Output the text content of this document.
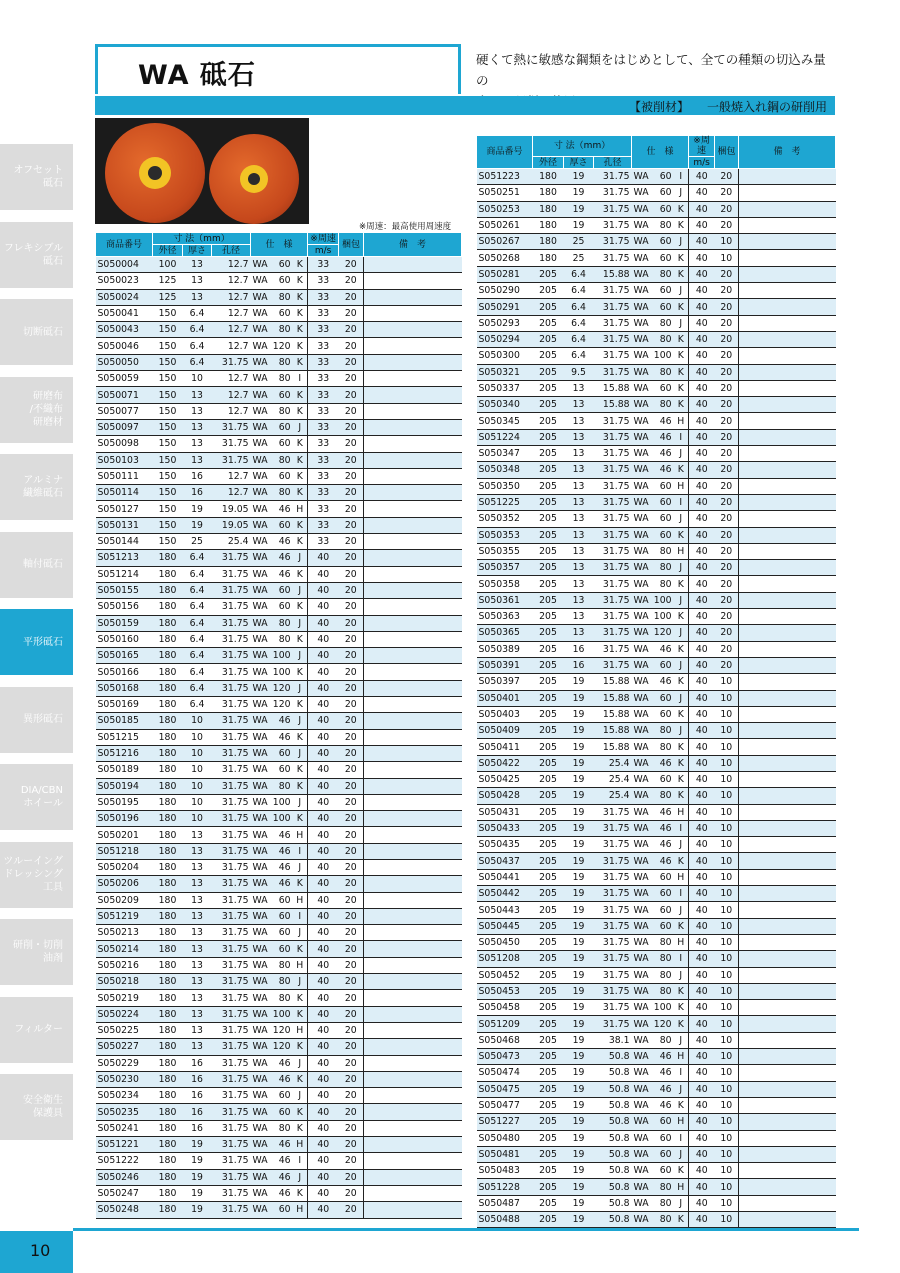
オフセット
砥石
フレキシブル
砥石
切断砥石
研磨布
/不織布
研磨材
アルミナ
繊維砥石
軸付砥石
平形砥石
異形砥石
DIA/CBN
ホイール
ツルーイング
ドレッシング
工具
研削・切削
油剤
フィルター
安全衛生
保護具
WA 砥石
硬くて熱に敏感な鋼類をはじめとして、全ての種類の切込み量の
【被削材】　　 一般焼入れ鋼の研削用
※周速：最高使用周速度
商品番号	寸 法（mm）			仕　様			※周速	梱包	備　考
	外径	厚さ	孔径				m/s		
S050004	100	13	12.7	WA	60	K	33	20	
S050023	125	13	12.7	WA	60	K	33	20	
S050024	125	13	12.7	WA	80	K	33	20	
S050041	150	6.4	12.7	WA	60	K	33	20	
S050043	150	6.4	12.7	WA	80	K	33	20	
S050046	150	6.4	12.7	WA	120	K	33	20	
S050050	150	6.4	31.75	WA	80	K	33	20	
S050059	150	10	12.7	WA	80	I	33	20	
S050071	150	13	12.7	WA	60	K	33	20	
S050077	150	13	12.7	WA	80	K	33	20	
S050097	150	13	31.75	WA	60	J	33	20	
S050098	150	13	31.75	WA	60	K	33	20	
S050103	150	13	31.75	WA	80	K	33	20	
S050111	150	16	12.7	WA	60	K	33	20	
S050114	150	16	12.7	WA	80	K	33	20	
S050127	150	19	19.05	WA	46	H	33	20	
S050131	150	19	19.05	WA	60	K	33	20	
S050144	150	25	25.4	WA	46	K	33	20	
S051213	180	6.4	31.75	WA	46	J	40	20	
S051214	180	6.4	31.75	WA	46	K	40	20	
S050155	180	6.4	31.75	WA	60	J	40	20	
S050156	180	6.4	31.75	WA	60	K	40	20	
S050159	180	6.4	31.75	WA	80	J	40	20	
S050160	180	6.4	31.75	WA	80	K	40	20	
S050165	180	6.4	31.75	WA	100	J	40	20	
S050166	180	6.4	31.75	WA	100	K	40	20	
S050168	180	6.4	31.75	WA	120	J	40	20	
S050169	180	6.4	31.75	WA	120	K	40	20	
S050185	180	10	31.75	WA	46	J	40	20	
S051215	180	10	31.75	WA	46	K	40	20	
S051216	180	10	31.75	WA	60	J	40	20	
S050189	180	10	31.75	WA	60	K	40	20	
S050194	180	10	31.75	WA	80	K	40	20	
S050195	180	10	31.75	WA	100	J	40	20	
S050196	180	10	31.75	WA	100	K	40	20	
S050201	180	13	31.75	WA	46	H	40	20	
S051218	180	13	31.75	WA	46	I	40	20	
S050204	180	13	31.75	WA	46	J	40	20	
S050206	180	13	31.75	WA	46	K	40	20	
S050209	180	13	31.75	WA	60	H	40	20	
S051219	180	13	31.75	WA	60	I	40	20	
S050213	180	13	31.75	WA	60	J	40	20	
S050214	180	13	31.75	WA	60	K	40	20	
S050216	180	13	31.75	WA	80	H	40	20	
S050218	180	13	31.75	WA	80	J	40	20	
S050219	180	13	31.75	WA	80	K	40	20	
S050224	180	13	31.75	WA	100	K	40	20	
S050225	180	13	31.75	WA	120	H	40	20	
S050227	180	13	31.75	WA	120	K	40	20	
S050229	180	16	31.75	WA	46	J	40	20	
S050230	180	16	31.75	WA	46	K	40	20	
S050234	180	16	31.75	WA	60	J	40	20	
S050235	180	16	31.75	WA	60	K	40	20	
S050241	180	16	31.75	WA	80	K	40	20	
S051221	180	19	31.75	WA	46	H	40	20	
S051222	180	19	31.75	WA	46	I	40	20	
S050246	180	19	31.75	WA	46	J	40	20	
S050247	180	19	31.75	WA	46	K	40	20	
S050248	180	19	31.75	WA	60	H	40	20	
商品番号	寸 法（mm）			仕　様			※周速	梱包	備　考
	外径	厚さ	孔径				m/s		
S051223	180	19	31.75	WA	60	I	40	20	
S050251	180	19	31.75	WA	60	J	40	20	
S050253	180	19	31.75	WA	60	K	40	20	
S050261	180	19	31.75	WA	80	K	40	20	
S050267	180	25	31.75	WA	60	J	40	10	
S050268	180	25	31.75	WA	60	K	40	10	
S050281	205	6.4	15.88	WA	80	K	40	20	
S050290	205	6.4	31.75	WA	60	J	40	20	
S050291	205	6.4	31.75	WA	60	K	40	20	
S050293	205	6.4	31.75	WA	80	J	40	20	
S050294	205	6.4	31.75	WA	80	K	40	20	
S050300	205	6.4	31.75	WA	100	K	40	20	
S050321	205	9.5	31.75	WA	80	K	40	20	
S050337	205	13	15.88	WA	60	K	40	20	
S050340	205	13	15.88	WA	80	K	40	20	
S050345	205	13	31.75	WA	46	H	40	20	
S051224	205	13	31.75	WA	46	I	40	20	
S050347	205	13	31.75	WA	46	J	40	20	
S050348	205	13	31.75	WA	46	K	40	20	
S050350	205	13	31.75	WA	60	H	40	20	
S051225	205	13	31.75	WA	60	I	40	20	
S050352	205	13	31.75	WA	60	J	40	20	
S050353	205	13	31.75	WA	60	K	40	20	
S050355	205	13	31.75	WA	80	H	40	20	
S050357	205	13	31.75	WA	80	J	40	20	
S050358	205	13	31.75	WA	80	K	40	20	
S050361	205	13	31.75	WA	100	J	40	20	
S050363	205	13	31.75	WA	100	K	40	20	
S050365	205	13	31.75	WA	120	J	40	20	
S050389	205	16	31.75	WA	46	K	40	20	
S050391	205	16	31.75	WA	60	J	40	20	
S050397	205	19	15.88	WA	46	K	40	10	
S050401	205	19	15.88	WA	60	J	40	10	
S050403	205	19	15.88	WA	60	K	40	10	
S050409	205	19	15.88	WA	80	J	40	10	
S050411	205	19	15.88	WA	80	K	40	10	
S050422	205	19	25.4	WA	46	K	40	10	
S050425	205	19	25.4	WA	60	K	40	10	
S050428	205	19	25.4	WA	80	K	40	10	
S050431	205	19	31.75	WA	46	H	40	10	
S050433	205	19	31.75	WA	46	I	40	10	
S050435	205	19	31.75	WA	46	J	40	10	
S050437	205	19	31.75	WA	46	K	40	10	
S050441	205	19	31.75	WA	60	H	40	10	
S050442	205	19	31.75	WA	60	I	40	10	
S050443	205	19	31.75	WA	60	J	40	10	
S050445	205	19	31.75	WA	60	K	40	10	
S050450	205	19	31.75	WA	80	H	40	10	
S051208	205	19	31.75	WA	80	I	40	10	
S050452	205	19	31.75	WA	80	J	40	10	
S050453	205	19	31.75	WA	80	K	40	10	
S050458	205	19	31.75	WA	100	K	40	10	
S051209	205	19	31.75	WA	120	K	40	10	
S050468	205	19	38.1	WA	80	J	40	10	
S050473	205	19	50.8	WA	46	H	40	10	
S050474	205	19	50.8	WA	46	I	40	10	
S050475	205	19	50.8	WA	46	J	40	10	
S050477	205	19	50.8	WA	46	K	40	10	
S051227	205	19	50.8	WA	60	H	40	10	
S050480	205	19	50.8	WA	60	I	40	10	
S050481	205	19	50.8	WA	60	J	40	10	
S050483	205	19	50.8	WA	60	K	40	10	
S051228	205	19	50.8	WA	80	H	40	10	
S050487	205	19	50.8	WA	80	J	40	10	
S050488	205	19	50.8	WA	80	K	40	10	
10
